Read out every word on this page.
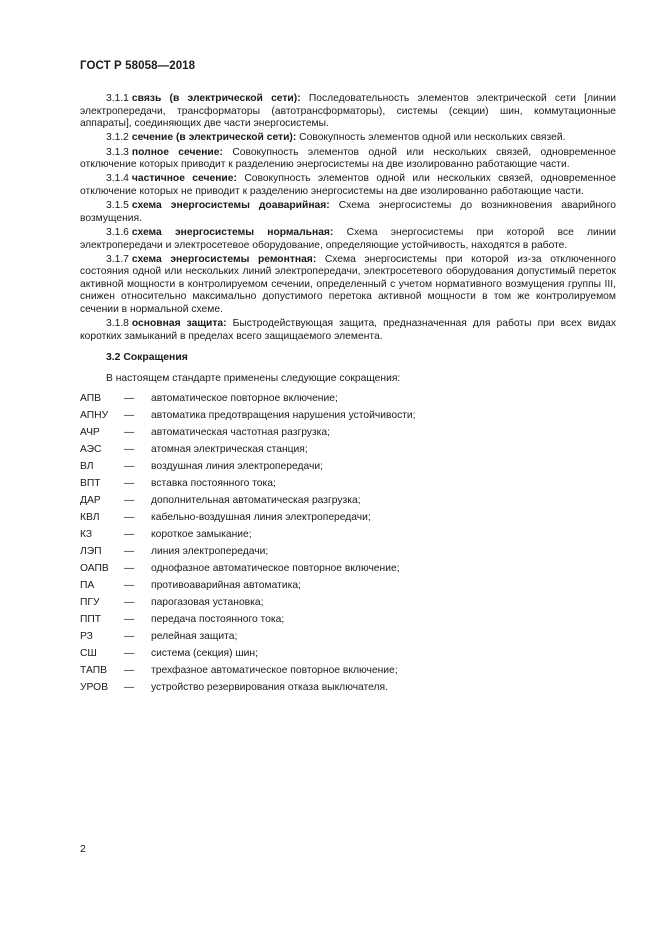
ГОСТ Р 58058—2018

3.1.1 связь (в электрической сети): Последовательность элементов электрической сети [линии электропередачи, трансформаторы (автотрансформаторы), системы (секции) шин, коммутационные аппараты], соединяющих две части энергосистемы.

3.1.2 сечение (в электрической сети): Совокупность элементов одной или нескольких связей.

3.1.3 полное сечение: Совокупность элементов одной или нескольких связей, одновременное отключение которых приводит к разделению энергосистемы на две изолированно работающие части.

3.1.4 частичное сечение: Совокупность элементов одной или нескольких связей, одновременное отключение которых не приводит к разделению энергосистемы на две изолированно работающие части.

3.1.5 схема энергосистемы доаварийная: Схема энергосистемы до возникновения аварийного возмущения.

3.1.6 схема энергосистемы нормальная: Схема энергосистемы при которой все линии электропередачи и электросетевое оборудование, определяющие устойчивость, находятся в работе.

3.1.7 схема энергосистемы ремонтная: Схема энергосистемы при которой из-за отключенного состояния одной или нескольких линий электропередачи, электросетевого оборудования допустимый переток активной мощности в контролируемом сечении, определенный с учетом нормативного возмущения группы III, снижен относительно максимально допустимого перетока активной мощности в том же контролируемом сечении в нормальной схеме.

3.1.8 основная защита: Быстродействующая защита, предназначенная для работы при всех видах коротких замыканий в пределах всего защищаемого элемента.

3.2 Сокращения
В настоящем стандарте применены следующие сокращения:
АПВ	—	автоматическое повторное включение;
АПНУ	—	автоматика предотвращения нарушения устойчивости;
АЧР	—	автоматическая частотная разгрузка;
АЭС	—	атомная электрическая станция;
ВЛ	—	воздушная линия электропередачи;
ВПТ	—	вставка постоянного тока;
ДАР	—	дополнительная автоматическая разгрузка;
КВЛ	—	кабельно-воздушная линия электропередачи;
КЗ	—	короткое замыкание;
ЛЭП	—	линия электропередачи;
ОАПВ	—	однофазное автоматическое повторное включение;
ПА	—	противоаварийная автоматика;
ПГУ	—	парогазовая установка;
ППТ	—	передача постоянного тока;
РЗ	—	релейная защита;
СШ	—	система (секция) шин;
ТАПВ	—	трехфазное автоматическое повторное включение;
УРОВ	—	устройство резервирования отказа выключателя.
2
